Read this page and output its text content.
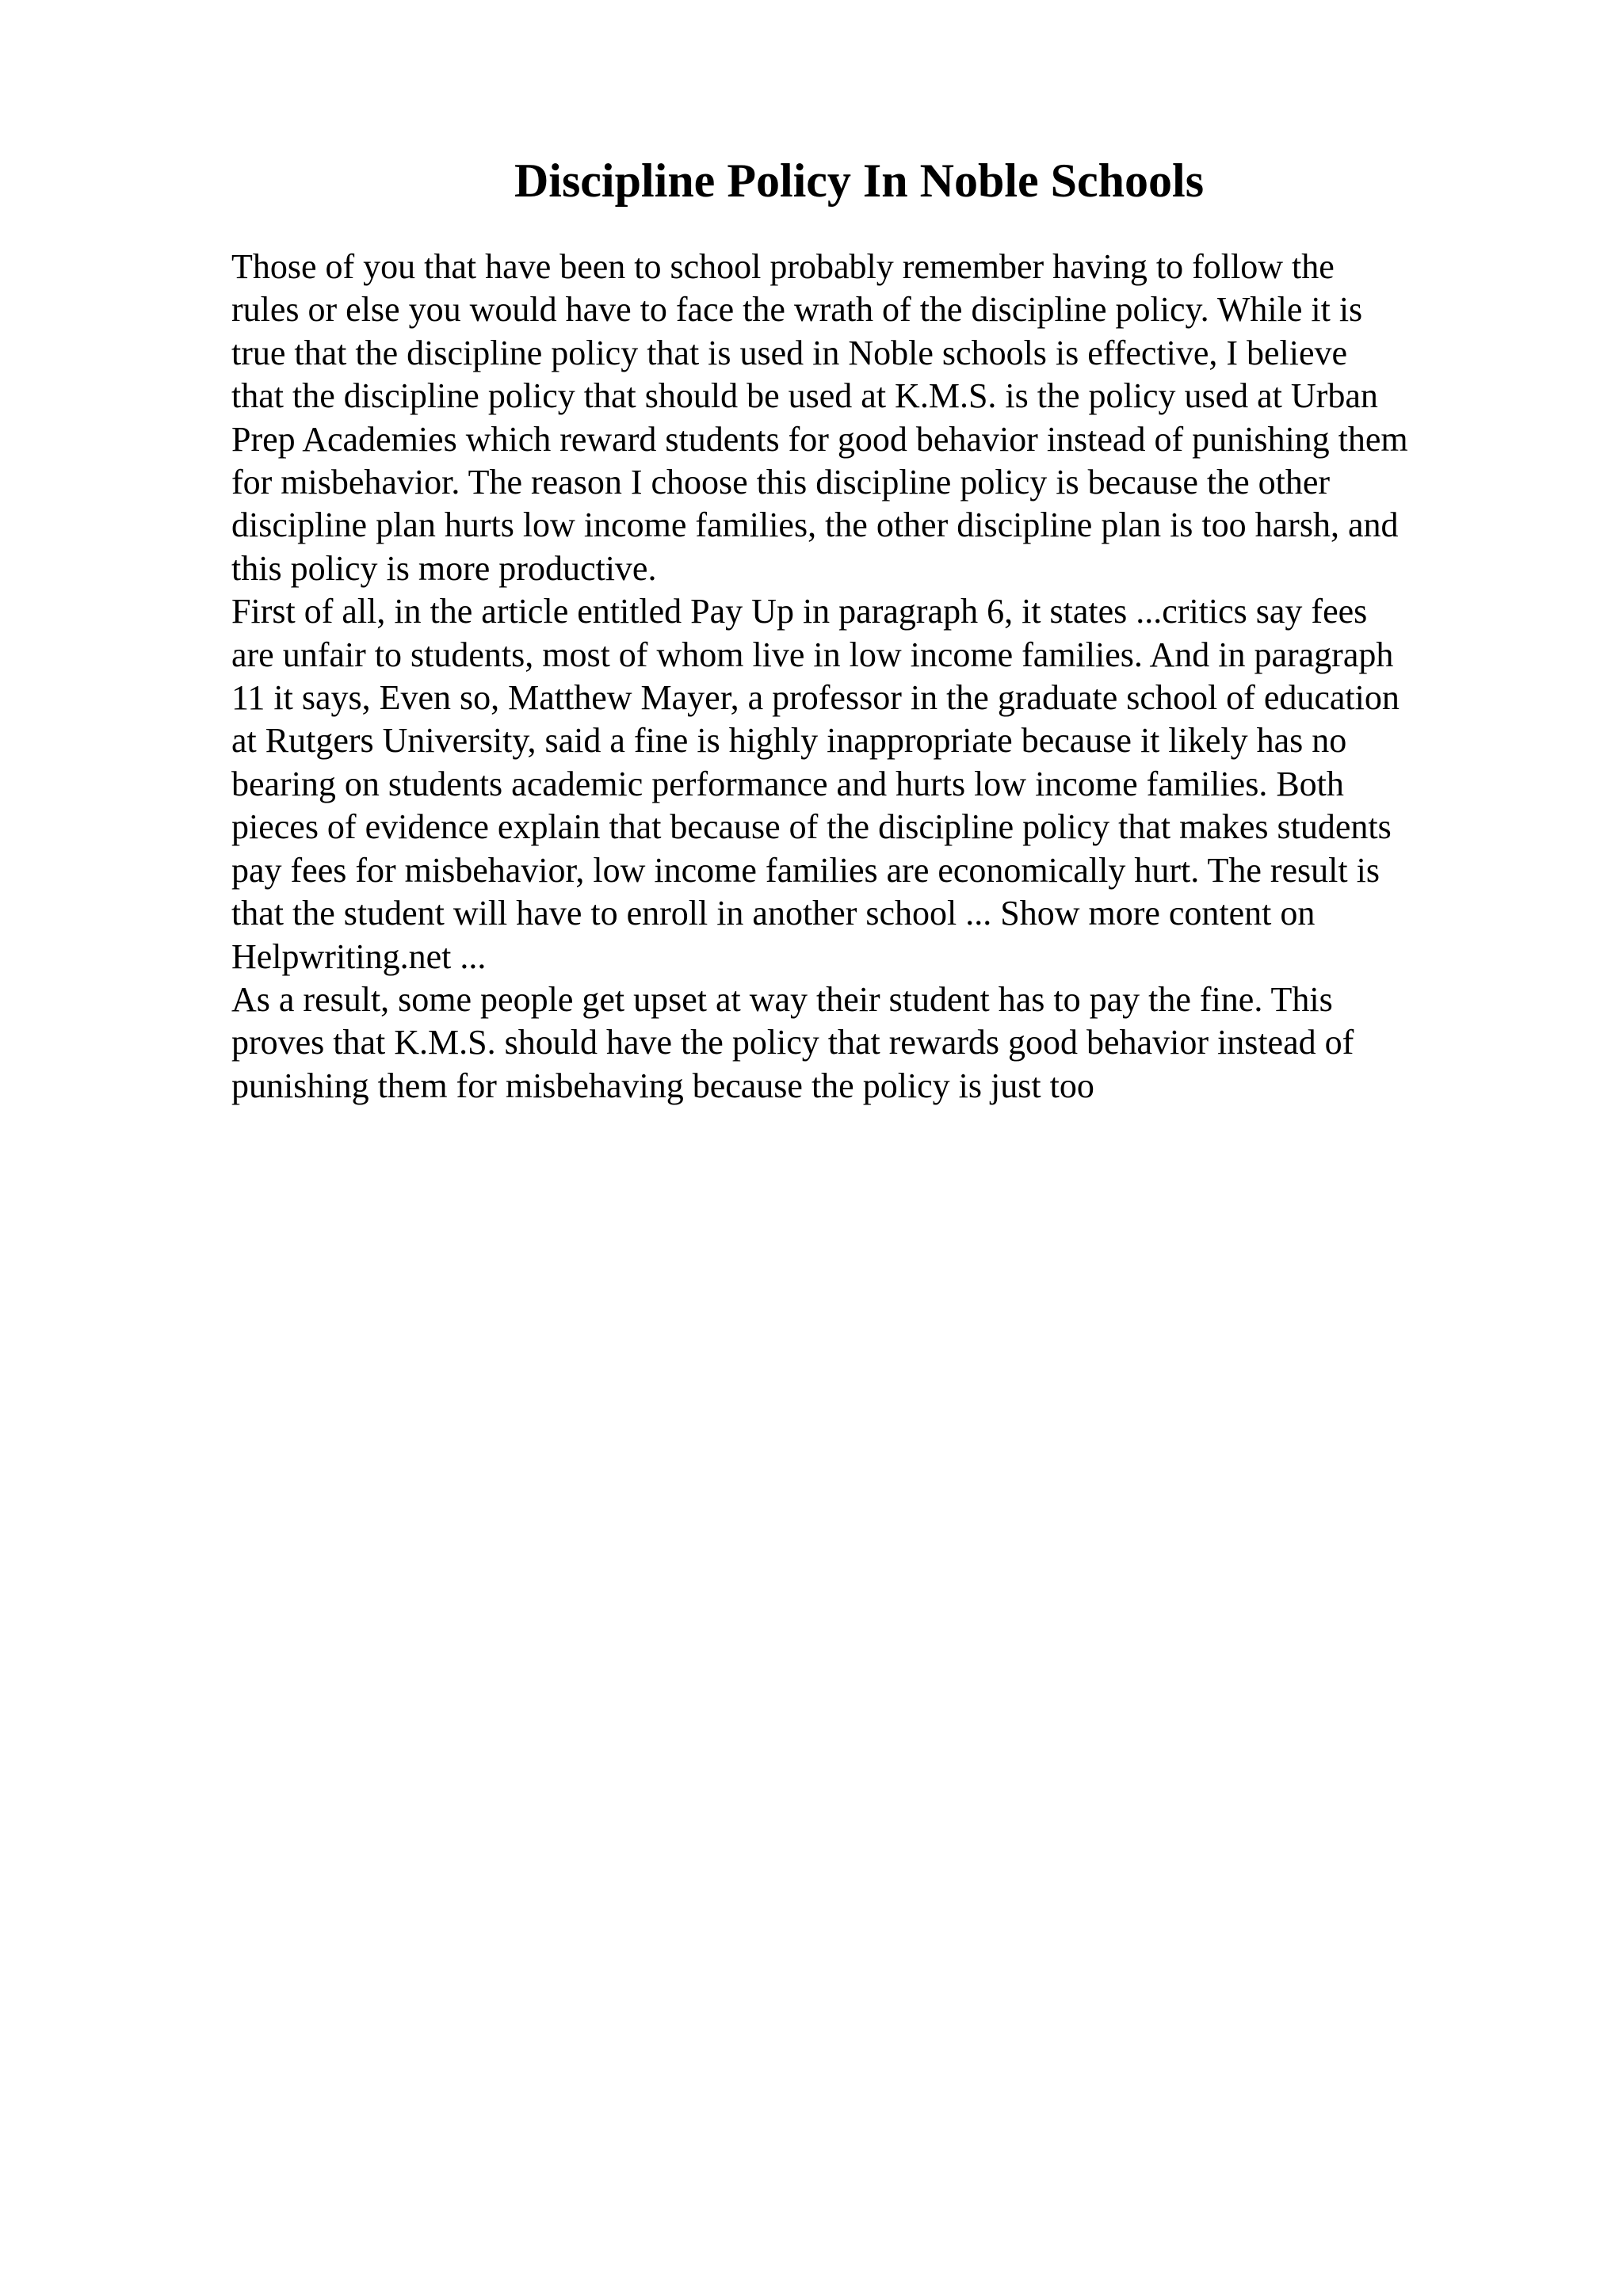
Discipline Policy In Noble Schools
Those of you that have been to school probably remember having to follow the
rules or else you would have to face the wrath of the discipline policy. While it is
true that the discipline policy that is used in Noble schools is effective, I believe
that the discipline policy that should be used at K.M.S. is the policy used at Urban
Prep Academies which reward students for good behavior instead of punishing them
for misbehavior. The reason I choose this discipline policy is because the other
discipline plan hurts low income families, the other discipline plan is too harsh, and
this policy is more productive.
First of all, in the article entitled Pay Up in paragraph 6, it states ...critics say fees
are unfair to students, most of whom live in low income families. And in paragraph
11 it says, Even so, Matthew Mayer, a professor in the graduate school of education
at Rutgers University, said a fine is highly inappropriate because it likely has no
bearing on students academic performance and hurts low income families. Both
pieces of evidence explain that because of the discipline policy that makes students
pay fees for misbehavior, low income families are economically hurt. The result is
that the student will have to enroll in another school ... Show more content on
Helpwriting.net ...
As a result, some people get upset at way their student has to pay the fine. This
proves that K.M.S. should have the policy that rewards good behavior instead of
punishing them for misbehaving because the policy is just too
